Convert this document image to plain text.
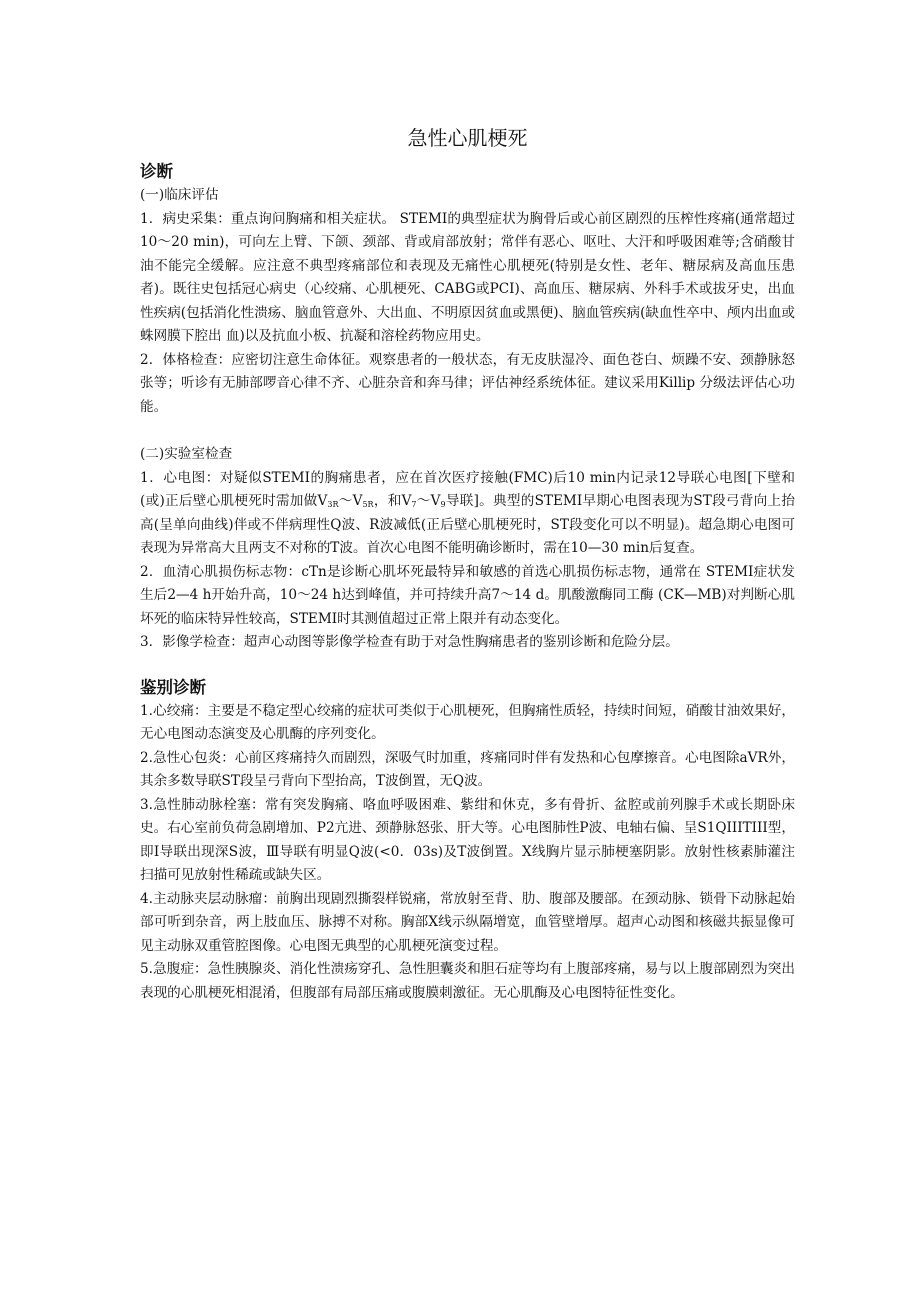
急性心肌梗死
诊断
(一)临床评估

1．病史采集：重点询问胸痛和相关症状。 STEMI的典型症状为胸骨后或心前区剧烈的压榨性疼痛(通常超过10～20 min)，可向左上臂、下颌、颈部、背或肩部放射；常伴有恶心、呕吐、大汗和呼吸困难等;含硝酸甘油不能完全缓解。应注意不典型疼痛部位和表现及无痛性心肌梗死(特别是女性、老年、糖尿病及高血压患者)。既往史包括冠心病史（心绞痛、心肌梗死、CABG或PCI)、高血压、糖尿病、外科手术或拔牙史，出血性疾病(包括消化性溃疡、脑血管意外、大出血、不明原因贫血或黑便)、脑血管疾病(缺血性卒中、颅内出血或蛛网膜下腔出 血)以及抗血小板、抗凝和溶栓药物应用史。

2．体格检查：应密切注意生命体征。观察患者的一般状态，有无皮肤湿冷、面色苍白、烦躁不安、颈静脉怒张等；听诊有无肺部啰音心律不齐、心脏杂音和奔马律；评估神经系统体征。建议采用Killip 分级法评估心功能。

(二)实验室检查

1．心电图：对疑似STEMI的胸痛患者，应在首次医疗接触(FMC)后10 min内记录12导联心电图[下壁和(或)正后壁心肌梗死时需加做$V_{3R}\sim V_{5R}$，和$V_7\sim V_9$导联]。典型的STEMI早期心电图表现为ST段弓背向上抬高(呈单向曲线)伴或不伴病理性Q波、R波减低(正后壁心肌梗死时，ST段变化可以不明显)。超急期心电图可表现为异常高大且两支不对称的T波。首次心电图不能明确诊断时，需在10—30 min后复查。

2．血清心肌损伤标志物：cTn是诊断心肌坏死最特异和敏感的首选心肌损伤标志物，通常在 STEMI症状发生后2—4 h开始升高，10～24 h达到峰值，并可持续升高7～14 d。肌酸激酶同工酶 (CK—MB)对判断心肌坏死的临床特异性较高，STEMI时其测值超过正常上限并有动态变化。

3．影像学检查：超声心动图等影像学检查有助于对急性胸痛患者的鉴别诊断和危险分层。

鉴别诊断

1.心绞痛：主要是不稳定型心绞痛的症状可类似于心肌梗死，但胸痛性质轻，持续时间短，硝酸甘油效果好，无心电图动态演变及心肌酶的序列变化。

2.急性心包炎：心前区疼痛持久而剧烈，深吸气时加重，疼痛同时伴有发热和心包摩擦音。心电图除aVR外，其余多数导联ST段呈弓背向下型抬高，T波倒置，无Q波。

3.急性肺动脉栓塞：常有突发胸痛、咯血呼吸困难、紫绀和休克，多有骨折、盆腔或前列腺手术或长期卧床史。右心室前负荷急剧增加、P2亢进、颈静脉怒张、肝大等。心电图肺性P波、电轴右偏、呈S1QIIITIII型，即I导联出现深S波，Ⅲ导联有明显Q波(<0．03s)及T波倒置。X线胸片显示肺梗塞阴影。放射性核素肺灌注扫描可见放射性稀疏或缺失区。

4.主动脉夹层动脉瘤：前胸出现剧烈撕裂样锐痛，常放射至背、肋、腹部及腰部。在颈动脉、锁骨下动脉起始部可听到杂音，两上肢血压、脉搏不对称。胸部X线示纵隔增宽，血管壁增厚。超声心动图和核磁共振显像可见主动脉双重管腔图像。心电图无典型的心肌梗死演变过程。

5.急腹症：急性胰腺炎、消化性溃疡穿孔、急性胆囊炎和胆石症等均有上腹部疼痛，易与以上腹部剧烈为突出表现的心肌梗死相混淆，但腹部有局部压痛或腹膜刺激征。无心肌酶及心电图特征性变化。
